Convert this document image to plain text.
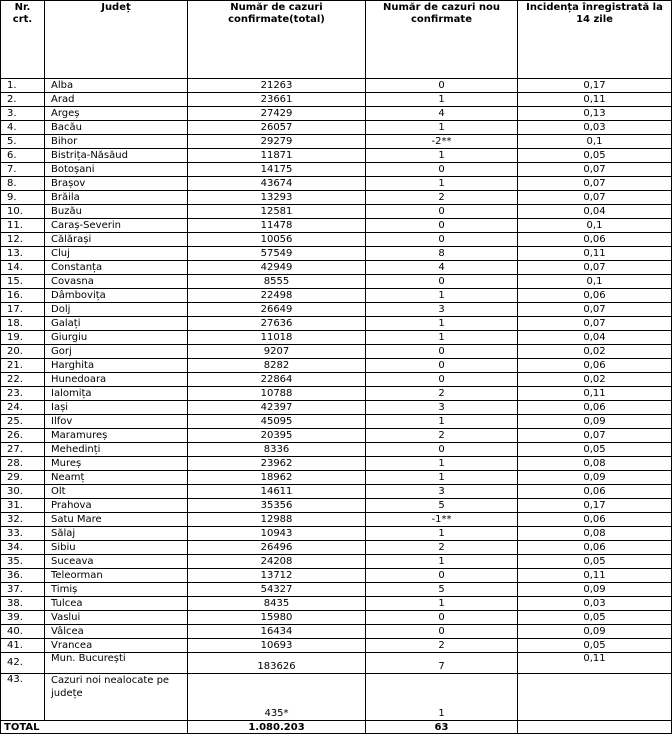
Nr. crt.	Județ	Număr de cazuri confirmate(total)	Număr de cazuri nou confirmate	Incidența înregistrată la 14 zile
1.	Alba	21263	0	0,17
2.	Arad	23661	1	0,11
3.	Argeș	27429	4	0,13
4.	Bacău	26057	1	0,03
5.	Bihor	29279	-2**	0,1
6.	Bistrița-Năsăud	11871	1	0,05
7.	Botoșani	14175	0	0,07
8.	Brașov	43674	1	0,07
9.	Brăila	13293	2	0,07
10.	Buzău	12581	0	0,04
11.	Caraș-Severin	11478	0	0,1
12.	Călărași	10056	0	0,06
13.	Cluj	57549	8	0,11
14.	Constanța	42949	4	0,07
15.	Covasna	8555	0	0,1
16.	Dâmbovița	22498	1	0,06
17.	Dolj	26649	3	0,07
18.	Galați	27636	1	0,07
19.	Giurgiu	11018	1	0,04
20.	Gorj	9207	0	0,02
21.	Harghita	8282	0	0,06
22.	Hunedoara	22864	0	0,02
23.	Ialomița	10788	2	0,11
24.	Iași	42397	3	0,06
25.	Ilfov	45095	1	0,09
26.	Maramureș	20395	2	0,07
27.	Mehedinți	8336	0	0,05
28.	Mureș	23962	1	0,08
29.	Neamț	18962	1	0,09
30.	Olt	14611	3	0,06
31.	Prahova	35356	5	0,17
32.	Satu Mare	12988	-1**	0,06
33.	Sălaj	10943	1	0,08
34.	Sibiu	26496	2	0,06
35.	Suceava	24208	1	0,05
36.	Teleorman	13712	0	0,11
37.	Timiș	54327	5	0,09
38.	Tulcea	8435	1	0,03
39.	Vaslui	15980	0	0,05
40.	Vâlcea	16434	0	0,09
41.	Vrancea	10693	2	0,05
42.	Mun. București	183626	7	0,11
43.	Cazuri noi nealocate pe județe	435*	1	
TOTAL		1.080.203	63	
